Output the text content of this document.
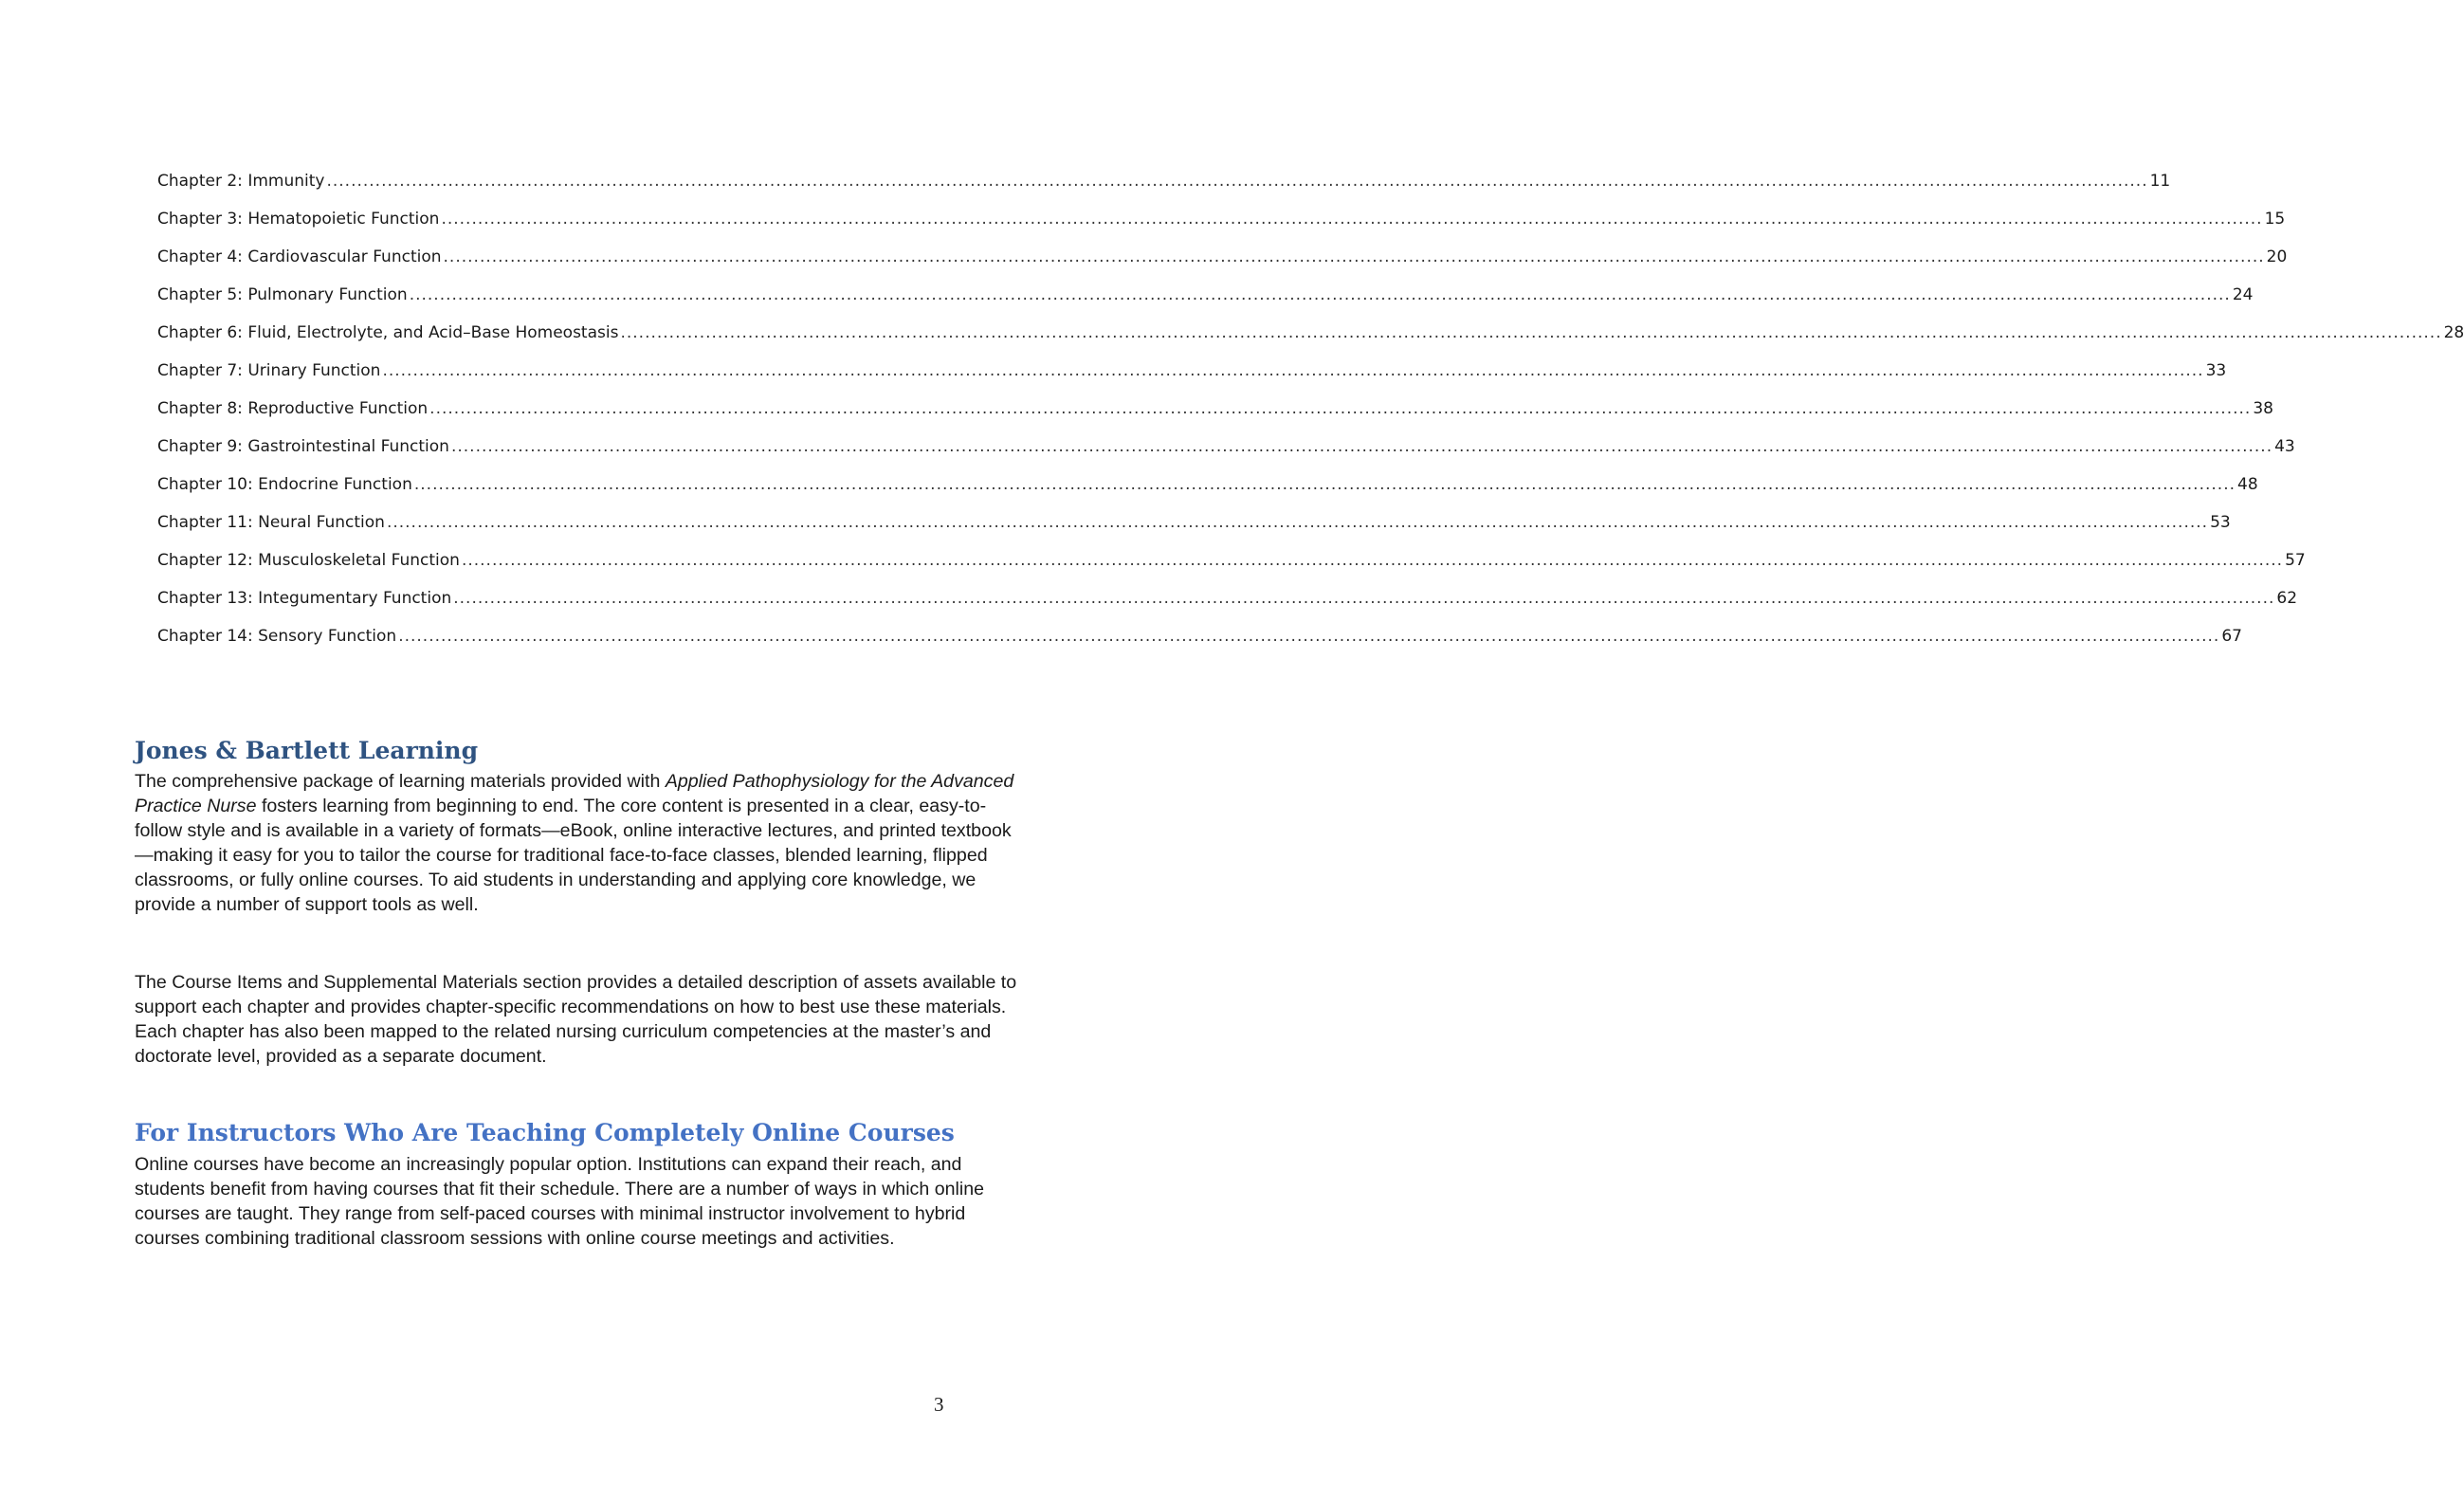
Chapter 2: Immunity ............................................................................................................................................................................................................................................................................................................ 11
Chapter 3: Hematopoietic Function ............................................................................................................................................................................................................................................................................................................ 15
Chapter 4: Cardiovascular Function ............................................................................................................................................................................................................................................................................................................ 20
Chapter 5: Pulmonary Function ............................................................................................................................................................................................................................................................................................................ 24
Chapter 6: Fluid, Electrolyte, and Acid–Base Homeostasis ............................................................................................................................................................................................................................................................................................................ 28
Chapter 7: Urinary Function ............................................................................................................................................................................................................................................................................................................ 33
Chapter 8: Reproductive Function ............................................................................................................................................................................................................................................................................................................ 38
Chapter 9: Gastrointestinal Function ............................................................................................................................................................................................................................................................................................................ 43
Chapter 10: Endocrine Function ............................................................................................................................................................................................................................................................................................................ 48
Chapter 11: Neural Function ............................................................................................................................................................................................................................................................................................................ 53
Chapter 12: Musculoskeletal Function ............................................................................................................................................................................................................................................................................................................ 57
Chapter 13: Integumentary Function ............................................................................................................................................................................................................................................................................................................ 62
Chapter 14: Sensory Function ............................................................................................................................................................................................................................................................................................................ 67
Jones & Bartlett Learning

The comprehensive package of learning materials provided with Applied Pathophysiology for the Advanced Practice Nurse fosters learning from beginning to end. The core content is presented in a clear, easy-to-follow style and is available in a variety of formats—eBook, online interactive lectures, and printed textbook—making it easy for you to tailor the course for traditional face-to-face classes, blended learning, flipped classrooms, or fully online courses. To aid students in understanding and applying core knowledge, we provide a number of support tools as well.

The Course Items and Supplemental Materials section provides a detailed description of assets available to support each chapter and provides chapter-specific recommendations on how to best use these materials. Each chapter has also been mapped to the related nursing curriculum competencies at the master’s and doctorate level, provided as a separate document.

For Instructors Who Are Teaching Completely Online Courses

Online courses have become an increasingly popular option. Institutions can expand their reach, and students benefit from having courses that fit their schedule. There are a number of ways in which online courses are taught. They range from self-paced courses with minimal instructor involvement to hybrid courses combining traditional classroom sessions with online course meetings and activities.

3
